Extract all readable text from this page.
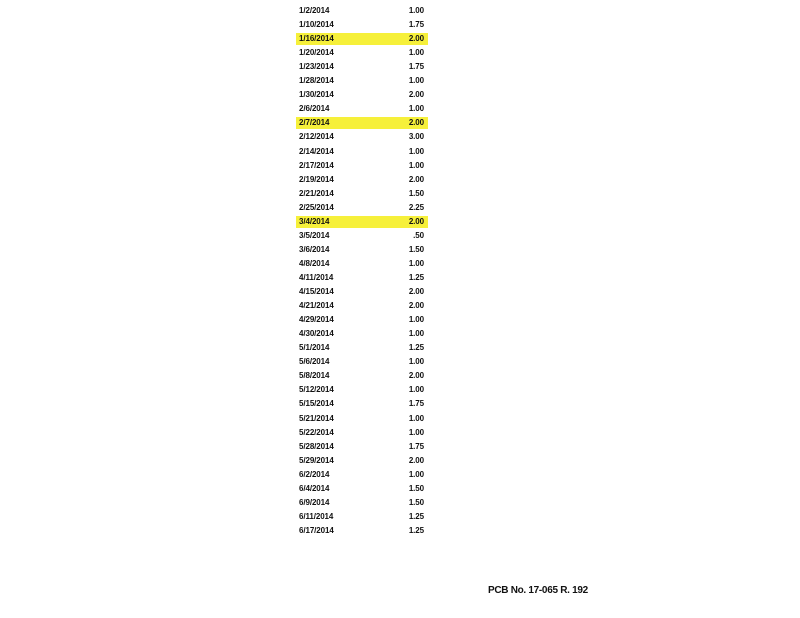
1/2/2014	1.00
1/10/2014	1.75
1/16/2014	2.00
1/20/2014	1.00
1/23/2014	1.75
1/28/2014	1.00
1/30/2014	2.00
2/6/2014	1.00
2/7/2014	2.00
2/12/2014	3.00
2/14/2014	1.00
2/17/2014	1.00
2/19/2014	2.00
2/21/2014	1.50
2/25/2014	2.25
3/4/2014	2.00
3/5/2014	.50
3/6/2014	1.50
4/8/2014	1.00
4/11/2014	1.25
4/15/2014	2.00
4/21/2014	2.00
4/29/2014	1.00
4/30/2014	1.00
5/1/2014	1.25
5/6/2014	1.00
5/8/2014	2.00
5/12/2014	1.00
5/15/2014	1.75
5/21/2014	1.00
5/22/2014	1.00
5/28/2014	1.75
5/29/2014	2.00
6/2/2014	1.00
6/4/2014	1.50
6/9/2014	1.50
6/11/2014	1.25
6/17/2014	1.25
PCB No. 17-065 R. 192
